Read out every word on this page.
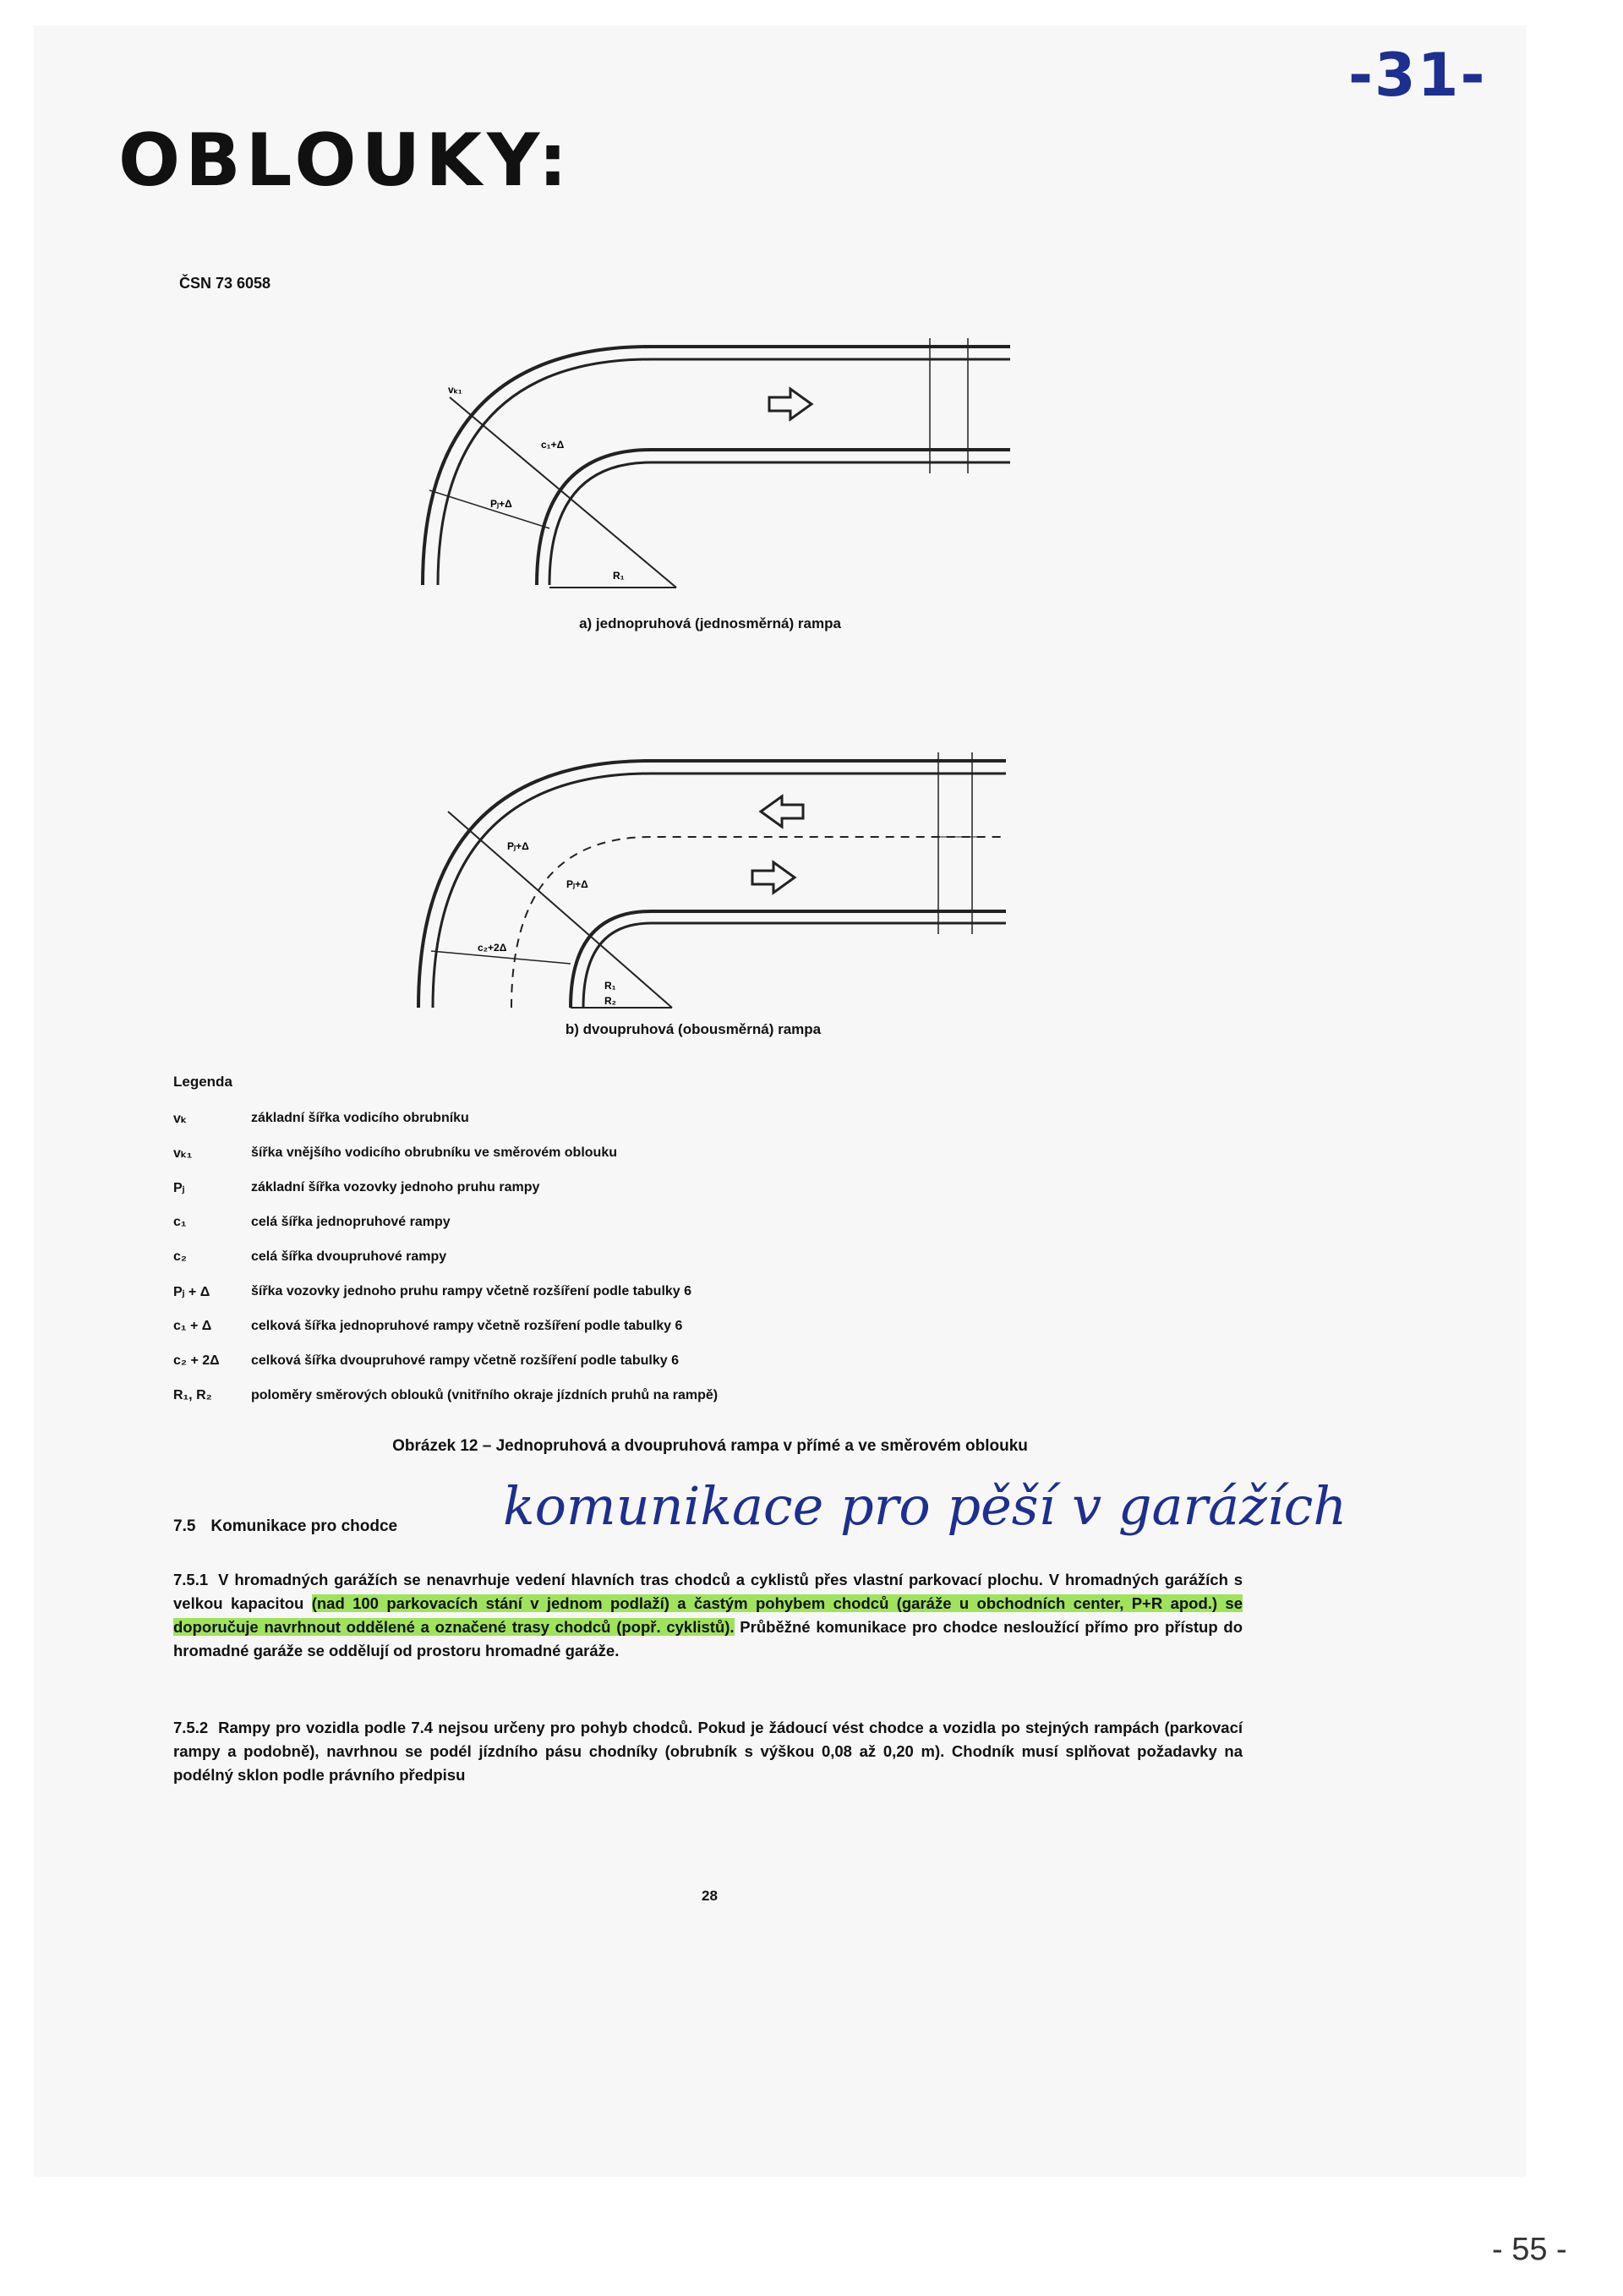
-31-
OBLOUKY:
ČSN 73 6058
c₁+Δ
Pⱼ+Δ
R₁
vₖ₁
a) jednopruhová (jednosměrná) rampa
Pⱼ+Δ
Pⱼ+Δ
c₂+2Δ
R₁
R₂
b) dvoupruhová (obousměrná) rampa
Legenda
vₖ	základní šířka vodicího obrubníku
vₖ₁	šířka vnějšího vodicího obrubníku ve směrovém oblouku
Pⱼ	základní šířka vozovky jednoho pruhu rampy
c₁	celá šířka jednopruhové rampy
c₂	celá šířka dvoupruhové rampy
Pⱼ + Δ	šířka vozovky jednoho pruhu rampy včetně rozšíření podle tabulky 6
c₁ + Δ	celková šířka jednopruhové rampy včetně rozšíření podle tabulky 6
c₂ + 2Δ	celková šířka dvoupruhové rampy včetně rozšíření podle tabulky 6
R₁, R₂	poloměry směrových oblouků (vnitřního okraje jízdních pruhů na rampě)
Obrázek 12 – Jednopruhová a dvoupruhová rampa v přímé a ve směrovém oblouku
7.5 Komunikace pro chodce komunikace pro pěší v garážích
7.5.1 V hromadných garážích se nenavrhuje vedení hlavních tras chodců a cyklistů přes vlastní parkovací plochu. V hromadných garážích s velkou kapacitou (nad 100 parkovacích stání v jednom podlaží) a častým pohybem chodců (garáže u obchodních center, P+R apod.) se doporučuje navrhnout oddělené a označené trasy chodců (popř. cyklistů). Průběžné komunikace pro chodce nesloužící přímo pro přístup do hromadné garáže se oddělují od prostoru hromadné garáže.
7.5.2 Rampy pro vozidla podle 7.4 nejsou určeny pro pohyb chodců. Pokud je žádoucí vést chodce a vozidla po stejných rampách (parkovací rampy a podobně), navrhnou se podél jízdního pásu chodníky (obrubník s výškou 0,08 až 0,20 m). Chodník musí splňovat požadavky na podélný sklon podle právního předpisu
28
- 55 -
